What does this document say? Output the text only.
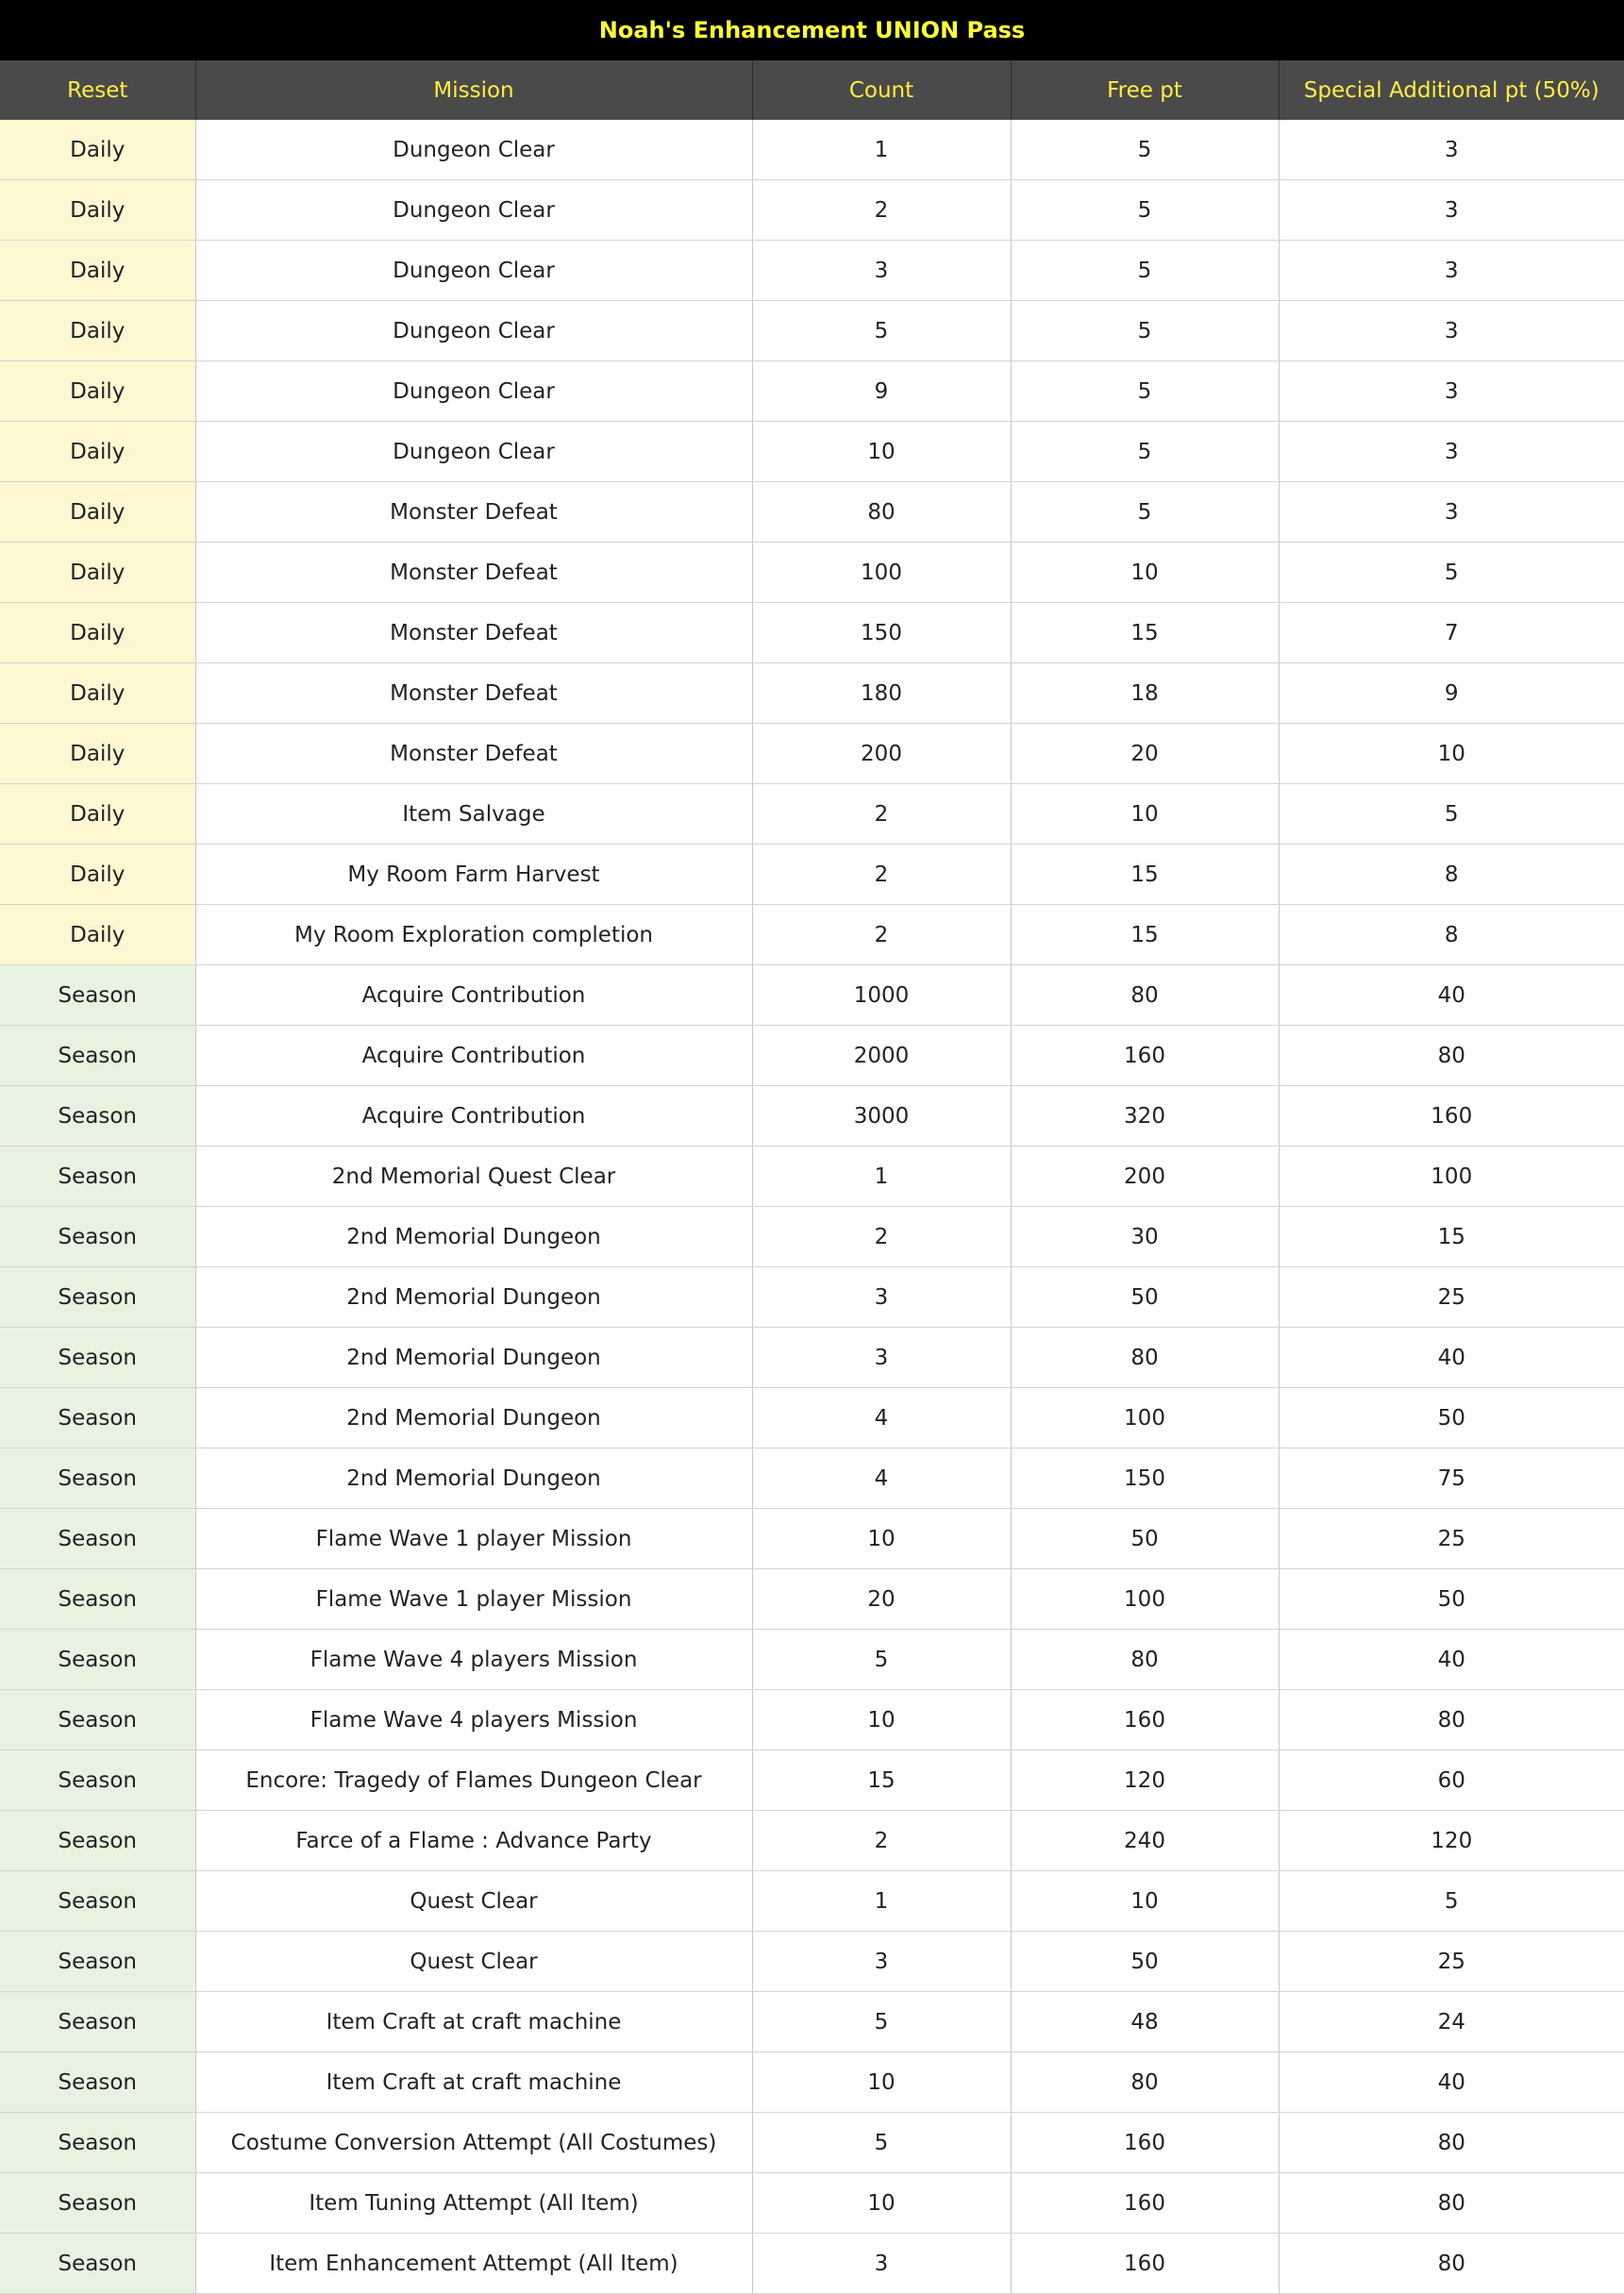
Noah's Enhancement UNION Pass
Reset	Mission	Count	Free pt	Special Additional pt (50%)
Daily	Dungeon Clear	1	5	3
Daily	Dungeon Clear	2	5	3
Daily	Dungeon Clear	3	5	3
Daily	Dungeon Clear	5	5	3
Daily	Dungeon Clear	9	5	3
Daily	Dungeon Clear	10	5	3
Daily	Monster Defeat	80	5	3
Daily	Monster Defeat	100	10	5
Daily	Monster Defeat	150	15	7
Daily	Monster Defeat	180	18	9
Daily	Monster Defeat	200	20	10
Daily	Item Salvage	2	10	5
Daily	My Room Farm Harvest	2	15	8
Daily	My Room Exploration completion	2	15	8
Season	Acquire Contribution	1000	80	40
Season	Acquire Contribution	2000	160	80
Season	Acquire Contribution	3000	320	160
Season	2nd Memorial Quest Clear	1	200	100
Season	2nd Memorial Dungeon	2	30	15
Season	2nd Memorial Dungeon	3	50	25
Season	2nd Memorial Dungeon	3	80	40
Season	2nd Memorial Dungeon	4	100	50
Season	2nd Memorial Dungeon	4	150	75
Season	Flame Wave 1 player Mission	10	50	25
Season	Flame Wave 1 player Mission	20	100	50
Season	Flame Wave 4 players Mission	5	80	40
Season	Flame Wave 4 players Mission	10	160	80
Season	Encore: Tragedy of Flames Dungeon Clear	15	120	60
Season	Farce of a Flame : Advance Party	2	240	120
Season	Quest Clear	1	10	5
Season	Quest Clear	3	50	25
Season	Item Craft at craft machine	5	48	24
Season	Item Craft at craft machine	10	80	40
Season	Costume Conversion Attempt (All Costumes)	5	160	80
Season	Item Tuning Attempt (All Item)	10	160	80
Season	Item Enhancement Attempt (All Item)	3	160	80
